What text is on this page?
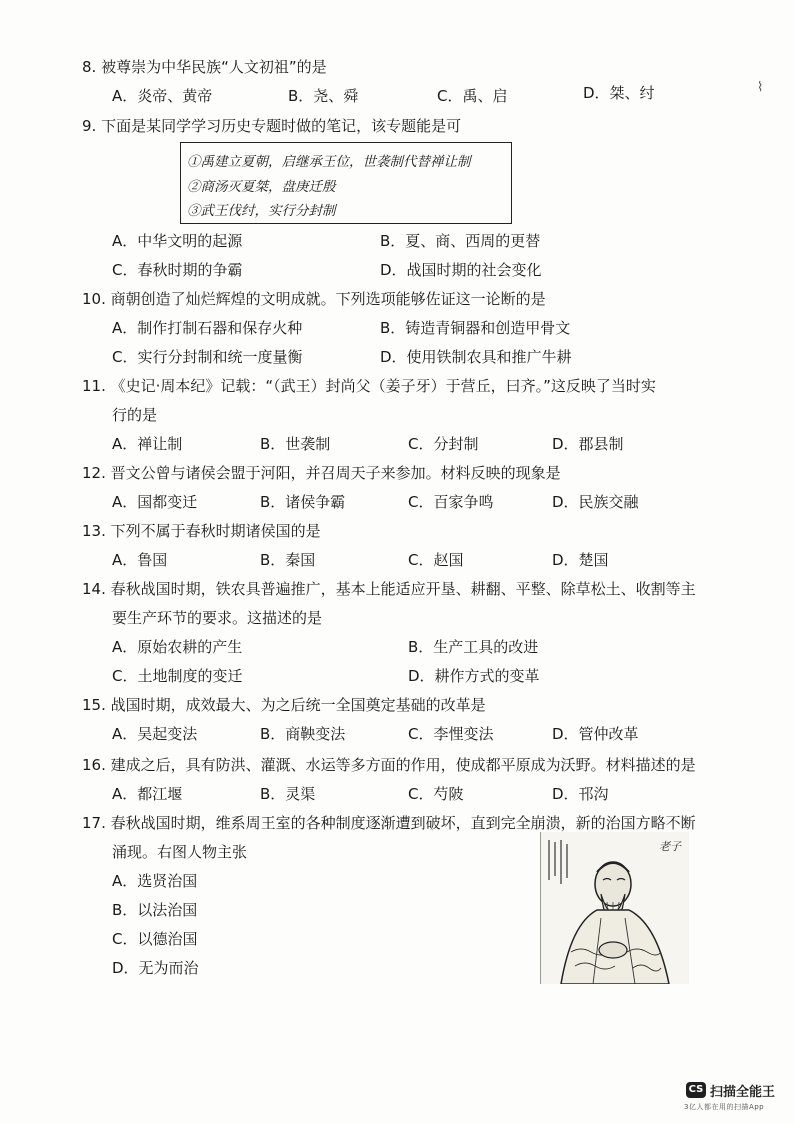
8. 被尊崇为中华民族“人文初祖”的是
A．炎帝、黄帝	B．尧、舜	C．禹、启	D．桀、纣	⌇
9. 下面是某同学学习历史专题时做的笔记，该专题能是可
①禹建立夏朝，启继承王位，世袭制代替禅让制
②商汤灭夏桀，盘庚迁殷
③武王伐纣，实行分封制
A．中华文明的起源	B．夏、商、西周的更替
C．春秋时期的争霸	D．战国时期的社会变化
10. 商朝创造了灿烂辉煌的文明成就。下列选项能够佐证这一论断的是
A．制作打制石器和保存火种	B．铸造青铜器和创造甲骨文
C．实行分封制和统一度量衡	D．使用铁制农具和推广牛耕
11. 《史记·周本纪》记载：“（武王）封尚父（姜子牙）于营丘，曰齐。”这反映了当时实
行的是
A．禅让制	B．世袭制	C．分封制	D．郡县制
12. 晋文公曾与诸侯会盟于河阳，并召周天子来参加。材料反映的现象是
A．国都变迁	B．诸侯争霸	C．百家争鸣	D．民族交融
13. 下列不属于春秋时期诸侯国的是
A．鲁国	B．秦国	C．赵国	D．楚国
14. 春秋战国时期，铁农具普遍推广，基本上能适应开垦、耕翻、平整、除草松土、收割等主
要生产环节的要求。这描述的是
A．原始农耕的产生	B．生产工具的改进
C．土地制度的变迁	D．耕作方式的变革
15. 战国时期，成效最大、为之后统一全国奠定基础的改革是
A．吴起变法	B．商鞅变法	C．李悝变法	D．管仲改革
16. 建成之后，具有防洪、灌溉、水运等多方面的作用，使成都平原成为沃野。材料描述的是
A．都江堰	B．灵渠	C．芍陂	D．邗沟
17. 春秋战国时期，维系周王室的各种制度逐渐遭到破坏，直到完全崩溃，新的治国方略不断
涌现。右图人物主张
A．选贤治国
B．以法治国
C．以德治国
D．无为而治
老子
CS 扫描全能王
3亿人都在用的扫描App
